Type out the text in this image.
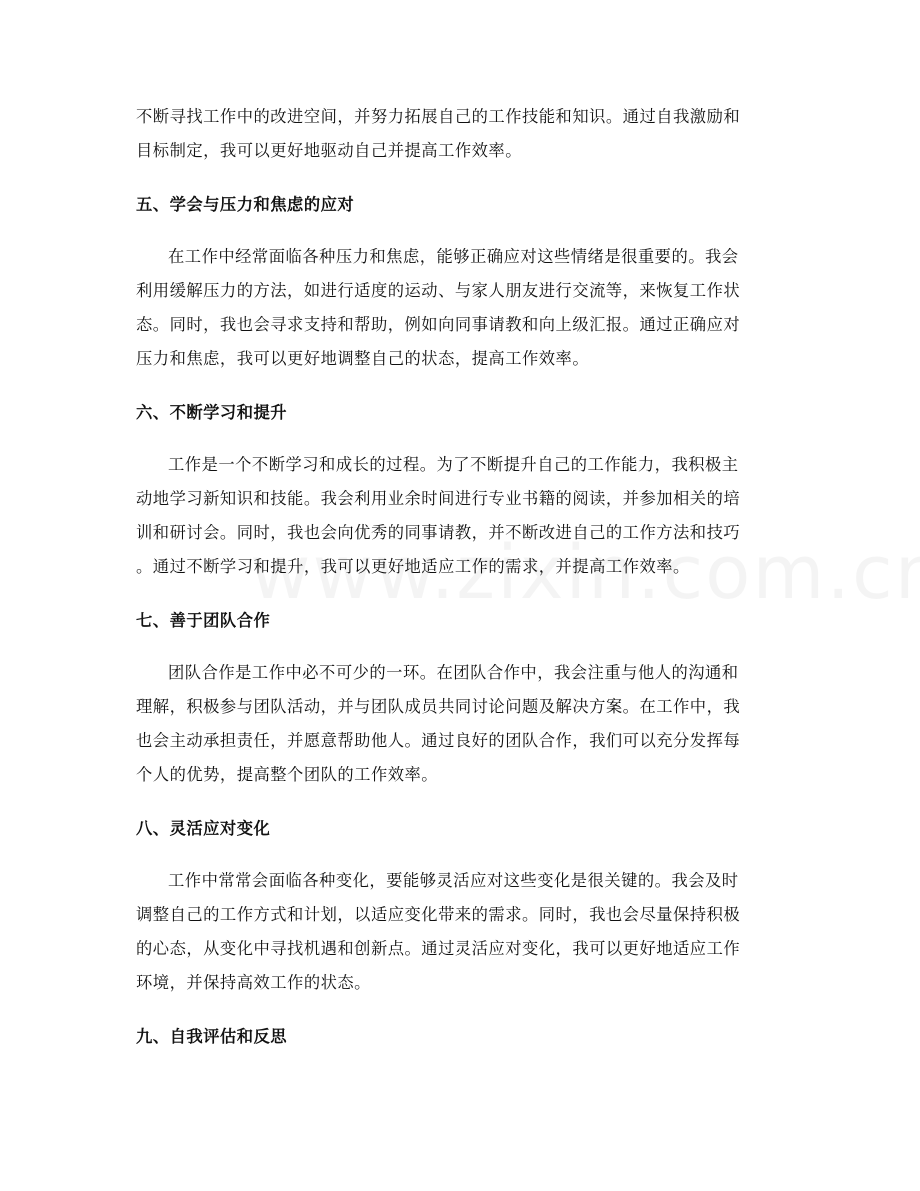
不断寻找工作中的改进空间，并努力拓展自己的工作技能和知识。通过自我激励和
目标制定，我可以更好地驱动自己并提高工作效率。

五、学会与压力和焦虑的应对

在工作中经常面临各种压力和焦虑，能够正确应对这些情绪是很重要的。我会
利用缓解压力的方法，如进行适度的运动、与家人朋友进行交流等，来恢复工作状
态。同时，我也会寻求支持和帮助，例如向同事请教和向上级汇报。通过正确应对
压力和焦虑，我可以更好地调整自己的状态，提高工作效率。

六、不断学习和提升

工作是一个不断学习和成长的过程。为了不断提升自己的工作能力，我积极主
动地学习新知识和技能。我会利用业余时间进行专业书籍的阅读，并参加相关的培
训和研讨会。同时，我也会向优秀的同事请教，并不断改进自己的工作方法和技巧
。通过不断学习和提升，我可以更好地适应工作的需求，并提高工作效率。

七、善于团队合作

团队合作是工作中必不可少的一环。在团队合作中，我会注重与他人的沟通和
理解，积极参与团队活动，并与团队成员共同讨论问题及解决方案。在工作中，我
也会主动承担责任，并愿意帮助他人。通过良好的团队合作，我们可以充分发挥每
个人的优势，提高整个团队的工作效率。

八、灵活应对变化

工作中常常会面临各种变化，要能够灵活应对这些变化是很关键的。我会及时
调整自己的工作方式和计划，以适应变化带来的需求。同时，我也会尽量保持积极
的心态，从变化中寻找机遇和创新点。通过灵活应对变化，我可以更好地适应工作
环境，并保持高效工作的状态。

九、自我评估和反思
